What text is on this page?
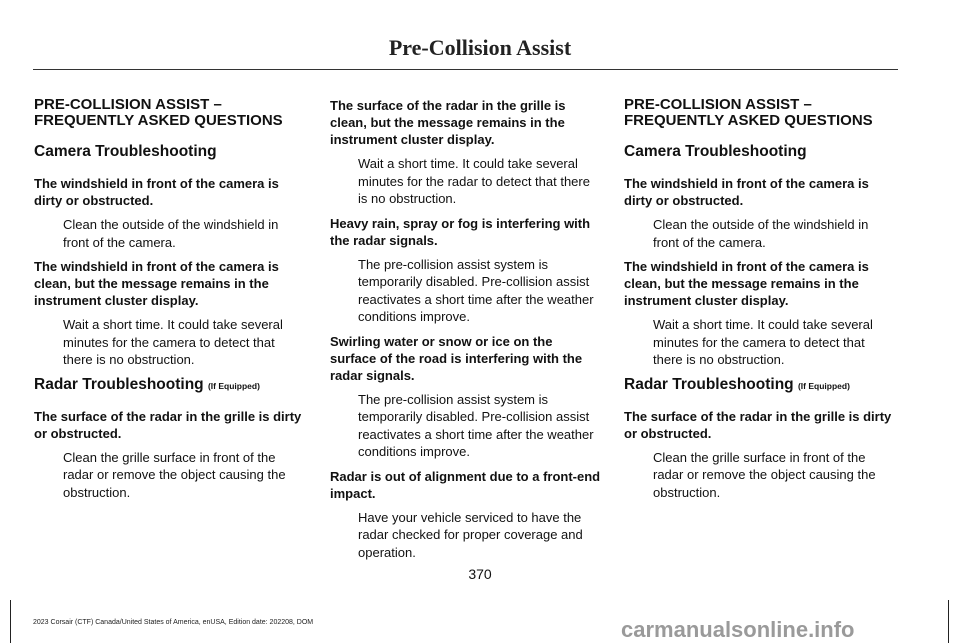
Pre-Collision Assist
PRE-COLLISION ASSIST – FREQUENTLY ASKED QUESTIONS
Camera Troubleshooting
The windshield in front of the camera is dirty or obstructed.
Clean the outside of the windshield in front of the camera.
The windshield in front of the camera is clean, but the message remains in the instrument cluster display.
Wait a short time. It could take several minutes for the camera to detect that there is no obstruction.
Radar Troubleshooting (If Equipped)
The surface of the radar in the grille is dirty or obstructed.
Clean the grille surface in front of the radar or remove the object causing the obstruction.
The surface of the radar in the grille is clean, but the message remains in the instrument cluster display.
Wait a short time. It could take several minutes for the radar to detect that there is no obstruction.
Heavy rain, spray or fog is interfering with the radar signals.
The pre-collision assist system is temporarily disabled. Pre-collision assist reactivates a short time after the weather conditions improve.
Swirling water or snow or ice on the surface of the road is interfering with the radar signals.
The pre-collision assist system is temporarily disabled. Pre-collision assist reactivates a short time after the weather conditions improve.
Radar is out of alignment due to a front-end impact.
Have your vehicle serviced to have the radar checked for proper coverage and operation.
PRE-COLLISION ASSIST – FREQUENTLY ASKED QUESTIONS
Camera Troubleshooting
The windshield in front of the camera is dirty or obstructed.
Clean the outside of the windshield in front of the camera.
The windshield in front of the camera is clean, but the message remains in the instrument cluster display.
Wait a short time. It could take several minutes for the camera to detect that there is no obstruction.
Radar Troubleshooting (If Equipped)
The surface of the radar in the grille is dirty or obstructed.
Clean the grille surface in front of the radar or remove the object causing the obstruction.
370
2023 Corsair (CTF) Canada/United States of America, enUSA, Edition date: 202208, DOM	carmanualsonline.info
